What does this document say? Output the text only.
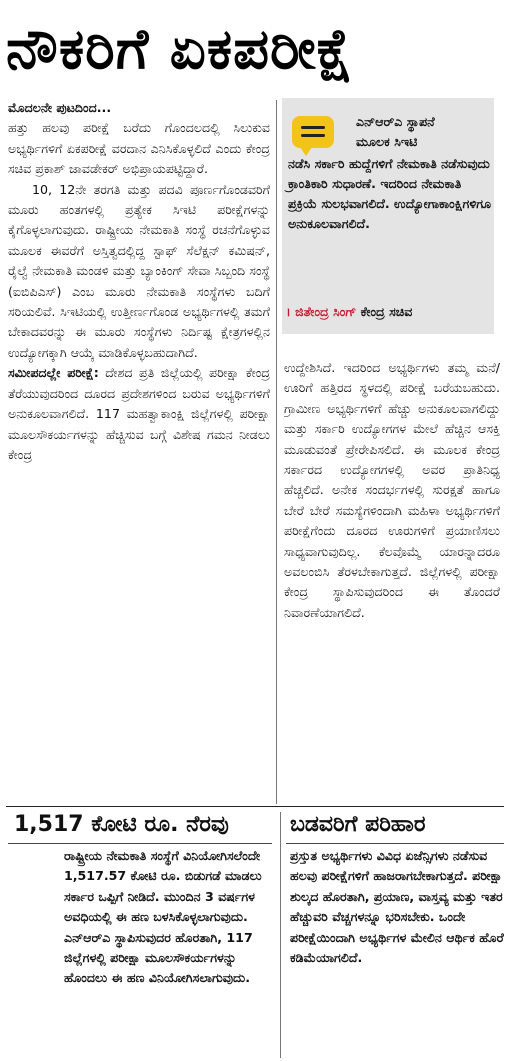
ನೌಕರಿಗೆ ಏಕಪರೀಕ್ಷೆ

ಮೊದಲನೇ ಪುಟದಿಂದ...

ಹತ್ತು ಹಲವು ಪರೀಕ್ಷೆ ಬರೆದು ಗೊಂದಲದಲ್ಲಿ ಸಿಲುಕುವ ಅಭ್ಯರ್ಥಿಗಳಿಗೆ ಏಕಪರೀಕ್ಷೆ ವರದಾನ ಎನಿಸಿಕೊಳ್ಳಲಿದೆ ಎಂದು ಕೇಂದ್ರ ಸಚಿವ ಪ್ರಕಾಶ್ ಜಾವಡೇಕರ್ ಅಭಿಪ್ರಾಯಪಟ್ಟಿದ್ದಾರೆ.

10, 12ನೇ ತರಗತಿ ಮತ್ತು ಪದವಿ ಪೂರ್ಣಗೊಂಡವರಿಗೆ ಮೂರು ಹಂತಗಳಲ್ಲಿ ಪ್ರತ್ಯೇಕ ಸಿಇಟಿ ಪರೀಕ್ಷೆಗಳನ್ನು ಕೈಗೊಳ್ಳಲಾಗುವುದು. ರಾಷ್ಟ್ರೀಯ ನೇಮಕಾತಿ ಸಂಸ್ಥೆ ರಚನೆಗೊಳ್ಳುವ ಮೂಲಕ ಈವರೆಗೆ ಅಸ್ತಿತ್ವದಲ್ಲಿದ್ದ ಸ್ಟಾಫ್ ಸೆಲೆಕ್ಷನ್ ಕಮಿಷನ್, ರೈಲ್ವೆ ನೇಮಕಾತಿ ಮಂಡಳಿ ಮತ್ತು ಬ್ಯಾಂಕಿಂಗ್ ಸೇವಾ ಸಿಬ್ಬಂದಿ ಸಂಸ್ಥೆ (ಐಬಿಪಿಎಸ್) ಎಂಬ ಮೂರು ನೇಮಕಾತಿ ಸಂಸ್ಥೆಗಳು ಬದಿಗೆ ಸರಿಯಲಿವೆ. ಸಿಇಟಿಯಲ್ಲಿ ಉತ್ತೀರ್ಣಗೊಂಡ ಅಭ್ಯರ್ಥಿಗಳಲ್ಲಿ ತಮಗೆ ಬೇಕಾದವರನ್ನು ಈ ಮೂರು ಸಂಸ್ಥೆಗಳು ನಿರ್ದಿಷ್ಟ ಕ್ಷೇತ್ರಗಳಲ್ಲಿನ ಉದ್ಯೋಗಕ್ಕಾಗಿ ಆಯ್ಕೆ ಮಾಡಿಕೊಳ್ಳಬಹುದಾಗಿದೆ.

ಸಮೀಪದಲ್ಲೇ ಪರೀಕ್ಷೆ: ದೇಶದ ಪ್ರತಿ ಜಿಲ್ಲೆಯಲ್ಲಿ ಪರೀಕ್ಷಾ ಕೇಂದ್ರ ತೆರೆಯುವುದರಿಂದ ದೂರದ ಪ್ರದೇಶಗಳಿಂದ ಬರುವ ಅಭ್ಯರ್ಥಿಗಳಿಗೆ ಅನುಕೂಲವಾಗಲಿದೆ. 117 ಮಹತ್ವಾಕಾಂಕ್ಷಿ ಜಿಲ್ಲೆಗಳಲ್ಲಿ ಪರೀಕ್ಷಾ ಮೂಲಸೌಕರ್ಯಗಳನ್ನು ಹೆಚ್ಚಿಸುವ ಬಗ್ಗೆ ವಿಶೇಷ ಗಮನ ನೀಡಲು ಕೇಂದ್ರ

ಎನ್‌ಆರ್‌ಎ ಸ್ಥಾಪನೆ
ಮೂಲಕ ಸಿಇಟಿ
ನಡೆಸಿ ಸರ್ಕಾರಿ ಹುದ್ದೆಗಳಿಗೆ ನೇಮಕಾತಿ ನಡೆಸುವುದು ಕ್ರಾಂತಿಕಾರಿ ಸುಧಾರಣೆ. ಇದರಿಂದ ನೇಮಕಾತಿ ಪ್ರಕ್ರಿಯೆ ಸುಲಭವಾಗಲಿದೆ. ಉದ್ಯೋಗಾಕಾಂಕ್ಷಿಗಳಿಗೂ ಅನುಕೂಲವಾಗಲಿದೆ.
। ಜಿತೇಂದ್ರ ಸಿಂಗ್ ಕೇಂದ್ರ ಸಚಿವ
ಉದ್ದೇಶಿಸಿದೆ. ಇದರಿಂದ ಅಭ್ಯರ್ಥಿಗಳು ತಮ್ಮ ಮನೆ/ಊರಿಗೆ ಹತ್ತಿರದ ಸ್ಥಳದಲ್ಲಿ ಪರೀಕ್ಷೆ ಬರೆಯಬಹುದು. ಗ್ರಾಮೀಣ ಅಭ್ಯರ್ಥಿಗಳಿಗೆ ಹೆಚ್ಚು ಅನುಕೂಲವಾಗಲಿದ್ದು ಮತ್ತು ಸರ್ಕಾರಿ ಉದ್ಯೋಗಗಳ ಮೇಲೆ ಹೆಚ್ಚಿನ ಆಸಕ್ತಿ ಮೂಡುವಂತೆ ಪ್ರೇರೇಪಿಸಲಿದೆ. ಈ ಮೂಲಕ ಕೇಂದ್ರ ಸರ್ಕಾರದ ಉದ್ಯೋಗಗಳಲ್ಲಿ ಅವರ ಪ್ರಾತಿನಿಧ್ಯ ಹೆಚ್ಚಲಿದೆ. ಅನೇಕ ಸಂದರ್ಭಗಳಲ್ಲಿ ಸುರಕ್ಷತೆ ಹಾಗೂ ಬೇರೆ ಬೇರೆ ಸಮಸ್ಯೆಗಳಿಂದಾಗಿ ಮಹಿಳಾ ಅಭ್ಯರ್ಥಿಗಳಿಗೆ ಪರೀಕ್ಷೆಗೆಂದು ದೂರದ ಊರುಗಳಿಗೆ ಪ್ರಯಾಣಿಸಲು ಸಾಧ್ಯವಾಗುವುದಿಲ್ಲ. ಕೆಲವೊಮ್ಮೆ ಯಾರನ್ನಾದರೂ ಅವಲಂಬಿಸಿ ತೆರಳಬೇಕಾಗುತ್ತದೆ. ಜಿಲ್ಲೆಗಳಲ್ಲಿ ಪರೀಕ್ಷಾ ಕೇಂದ್ರ ಸ್ಥಾಪಿಸುವುದರಿಂದ ಈ ತೊಂದರೆ ನಿವಾರಣೆಯಾಗಲಿದೆ.
1,517 ಕೋಟಿ ರೂ. ನೆರವು
ರಾಷ್ಟ್ರೀಯ ನೇಮಕಾತಿ ಸಂಸ್ಥೆಗೆ ವಿನಿಯೋಗಿಸಲೆಂದೇ 1,517.57 ಕೋಟಿ ರೂ. ಬಿಡುಗಡೆ ಮಾಡಲು ಸರ್ಕಾರ ಒಪ್ಪಿಗೆ ನೀಡಿದೆ. ಮುಂದಿನ 3 ವರ್ಷಗಳ ಅವಧಿಯಲ್ಲಿ ಈ ಹಣ ಬಳಸಿಕೊಳ್ಳಲಾಗುವುದು. ಎನ್‌ಆರ್‌ಎ ಸ್ಥಾಪಿಸುವುದರ ಹೊರತಾಗಿ, 117 ಜಿಲ್ಲೆಗಳಲ್ಲಿ ಪರೀಕ್ಷಾ ಮೂಲಸೌಕರ್ಯಗಳನ್ನು ಹೊಂದಲು ಈ ಹಣ ವಿನಿಯೋಗಿಸಲಾಗುವುದು.
ಬಡವರಿಗೆ ಪರಿಹಾರ
ಪ್ರಸ್ತುತ ಅಭ್ಯರ್ಥಿಗಳು ವಿವಿಧ ಏಜೆನ್ಸಿಗಳು ನಡೆಸುವ ಹಲವು ಪರೀಕ್ಷೆಗಳಿಗೆ ಹಾಜರಾಗಬೇಕಾಗುತ್ತದೆ. ಪರೀಕ್ಷಾ ಶುಲ್ಕದ ಹೊರತಾಗಿ, ಪ್ರಯಾಣ, ವಾಸ್ತವ್ಯ ಮತ್ತು ಇತರ ಹೆಚ್ಚುವರಿ ವೆಚ್ಚಗಳನ್ನೂ ಭರಿಸಬೇಕು. ಒಂದೇ ಪರೀಕ್ಷೆಯಿಂದಾಗಿ ಅಭ್ಯರ್ಥಿಗಳ ಮೇಲಿನ ಆರ್ಥಿಕ ಹೊರೆ ಕಡಿಮೆಯಾಗಲಿದೆ.
